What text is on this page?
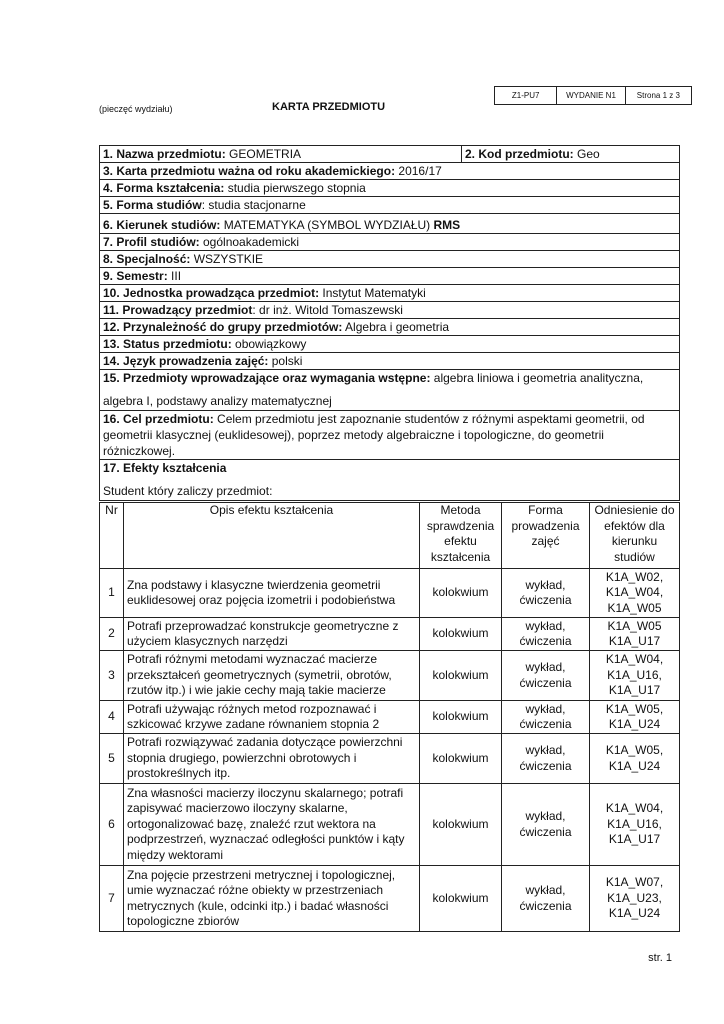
Z1-PU7	WYDANIE N1	Strona 1 z 3
(pieczęć wydziału)	KARTA PRZEDMIOTU
1. Nazwa przedmiotu: GEOMETRIA	2. Kod przedmiotu: Geo
3. Karta przedmiotu ważna od roku akademickiego: 2016/17
4. Forma kształcenia: studia pierwszego stopnia
5. Forma studiów: studia stacjonarne
6. Kierunek studiów: MATEMATYKA (SYMBOL WYDZIAŁU) RMS
7. Profil studiów: ogólnoakademicki
8. Specjalność: WSZYSTKIE
9. Semestr: III
10. Jednostka prowadząca przedmiot: Instytut Matematyki
11. Prowadzący przedmiot: dr inż. Witold Tomaszewski
12. Przynależność do grupy przedmiotów: Algebra i geometria
13. Status przedmiotu: obowiązkowy
14. Język prowadzenia zajęć: polski
15. Przedmioty wprowadzające oraz wymagania wstępne: algebra liniowa i geometria analityczna,
algebra I, podstawy analizy matematycznej
16. Cel przedmiotu: Celem przedmiotu jest zapoznanie studentów z różnymi aspektami geometrii, od geometrii klasycznej (euklidesowej), poprzez metody algebraiczne i topologiczne, do geometrii różniczkowej.
17. Efekty kształcenia
Student który zaliczy przedmiot:
Nr	Opis efektu kształcenia	Metoda sprawdzenia efektu kształcenia	Forma prowadzenia zajęć	Odniesienie do efektów dla kierunku studiów
1	Zna podstawy i klasyczne twierdzenia geometrii euklidesowej oraz pojęcia izometrii i podobieństwa	kolokwium	wykład, ćwiczenia	K1A_W02, K1A_W04, K1A_W05
2	Potrafi przeprowadzać konstrukcje geometryczne z użyciem klasycznych narzędzi	kolokwium	wykład, ćwiczenia	K1A_W05 K1A_U17
3	Potrafi różnymi metodami wyznaczać macierze przekształceń geometrycznych (symetrii, obrotów, rzutów itp.) i wie jakie cechy mają takie macierze	kolokwium	wykład, ćwiczenia	K1A_W04, K1A_U16, K1A_U17
4	Potrafi używając różnych metod rozpoznawać i szkicować krzywe zadane równaniem stopnia 2	kolokwium	wykład, ćwiczenia	K1A_W05, K1A_U24
5	Potrafi rozwiązywać zadania dotyczące powierzchni stopnia drugiego, powierzchni obrotowych i prostokreślnych itp.	kolokwium	wykład, ćwiczenia	K1A_W05, K1A_U24
6	Zna własności macierzy iloczynu skalarnego; potrafi zapisywać macierzowo iloczyny skalarne, ortogonalizować bazę, znaleźć rzut wektora na podprzestrzeń, wyznaczać odległości punktów i kąty między wektorami	kolokwium	wykład, ćwiczenia	K1A_W04, K1A_U16, K1A_U17
7	Zna pojęcie przestrzeni metrycznej i topologicznej, umie wyznaczać różne obiekty w przestrzeniach metrycznych (kule, odcinki itp.) i badać własności topologiczne zbiorów	kolokwium	wykład, ćwiczenia	K1A_W07, K1A_U23, K1A_U24
str. 1
